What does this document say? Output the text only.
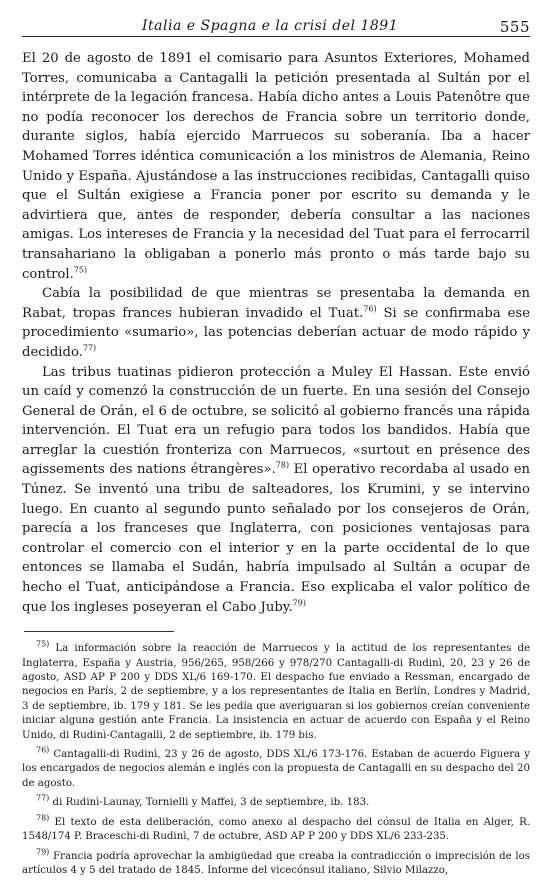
Italia e Spagna e la crisi del 1891	555

El 20 de agosto de 1891 el comisario para Asuntos Exteriores, Mohamed Torres, comunicaba a Cantagalli la petición presentada al Sultán por el intérprete de la legación francesa. Había dicho antes a Louis Patenôtre que no podía reconocer los derechos de Francia sobre un territorio donde, durante siglos, había ejercido Marruecos su soberanía. Iba a hacer Mohamed Torres idéntica comunicación a los ministros de Alemania, Reino Unido y España. Ajustándose a las instrucciones recibidas, Cantagalli quiso que el Sultán exigiese a Francia poner por escrito su demanda y le advirtiera que, antes de responder, debería consultar a las naciones amigas. Los intereses de Francia y la necesidad del Tuat para el ferrocarril transahariano la obligaban a ponerlo más pronto o más tarde bajo su control.$^{75)}$

Cabía la posibilidad de que mientras se presentaba la demanda en Rabat, tropas frances hubieran invadido el Tuat.$^{76)}$ Si se confirmaba ese procedimiento «sumario», las potencias deberían actuar de modo rápido y decidido.$^{77)}$

Las tribus tuatinas pidieron protección a Muley El Hassan. Este envió un caíd y comenzó la construcción de un fuerte. En una sesión del Consejo General de Orán, el 6 de octubre, se solicitó al gobierno francés una rápida intervención. El Tuat era un refugio para todos los bandidos. Había que arreglar la cuestión fronteriza con Marruecos, «surtout en présence des agissements des nations étrangères».$^{78)}$ El operativo recordaba al usado en Túnez. Se inventó una tribu de salteadores, los Krumini, y se intervino luego. En cuanto al segundo punto señalado por los consejeros de Orán, parecía a los franceses que Inglaterra, con posiciones ventajosas para controlar el comercio con el interior y en la parte occidental de lo que entonces se llamaba el Sudán, habría impulsado al Sultán a ocupar de hecho el Tuat, anticipándose a Francia. Eso explicaba el valor político de que los ingleses poseyeran el Cabo Juby.$^{79)}$

$^{75)}$ La información sobre la reacción de Marruecos y la actitud de los representantes de Inglaterra, España y Austria, 956/265, 958/266 y 978/270 Cantagalli-di Rudinì, 20, 23 y 26 de agosto, ASD AP P 200 y DDS XL/6 169-170. El despacho fue enviado a Ressman, encargado de negocios en París, 2 de septiembre, y a los representantes de Italia en Berlín, Londres y Madrid, 3 de septiembre, ib. 179 y 181. Se les pedía que averiguaran si los gobiernos creían conveniente iniciar alguna gestión ante Francia. La insistencia en actuar de acuerdo con España y el Reino Unido, di Rudinì-Cantagalli, 2 de septiembre, ib. 179 bis.

$^{76)}$ Cantagalli-di Rudinì, 23 y 26 de agosto, DDS XL/6 173-176. Estaban de acuerdo Figuera y los encargados de negocios alemán e inglés con la propuesta de Cantagalli en su despacho del 20 de agosto.

$^{77)}$ di Rudinì-Launay, Tornielli y Maffei, 3 de septiembre, ib. 183.

$^{78)}$ El texto de esta deliberación, como anexo al despacho del cónsul de Italia en Alger, R. 1548/174 P. Braceschi-di Rudinì, 7 de octubre, ASD AP P 200 y DDS XL/6 233-235.

$^{79)}$ Francia podría aprovechar la ambigüedad que creaba la contradicción o imprecisión de los artículos 4 y 5 del tratado de 1845. Informe del vicecónsul italiano, Silvio Milazzo,
